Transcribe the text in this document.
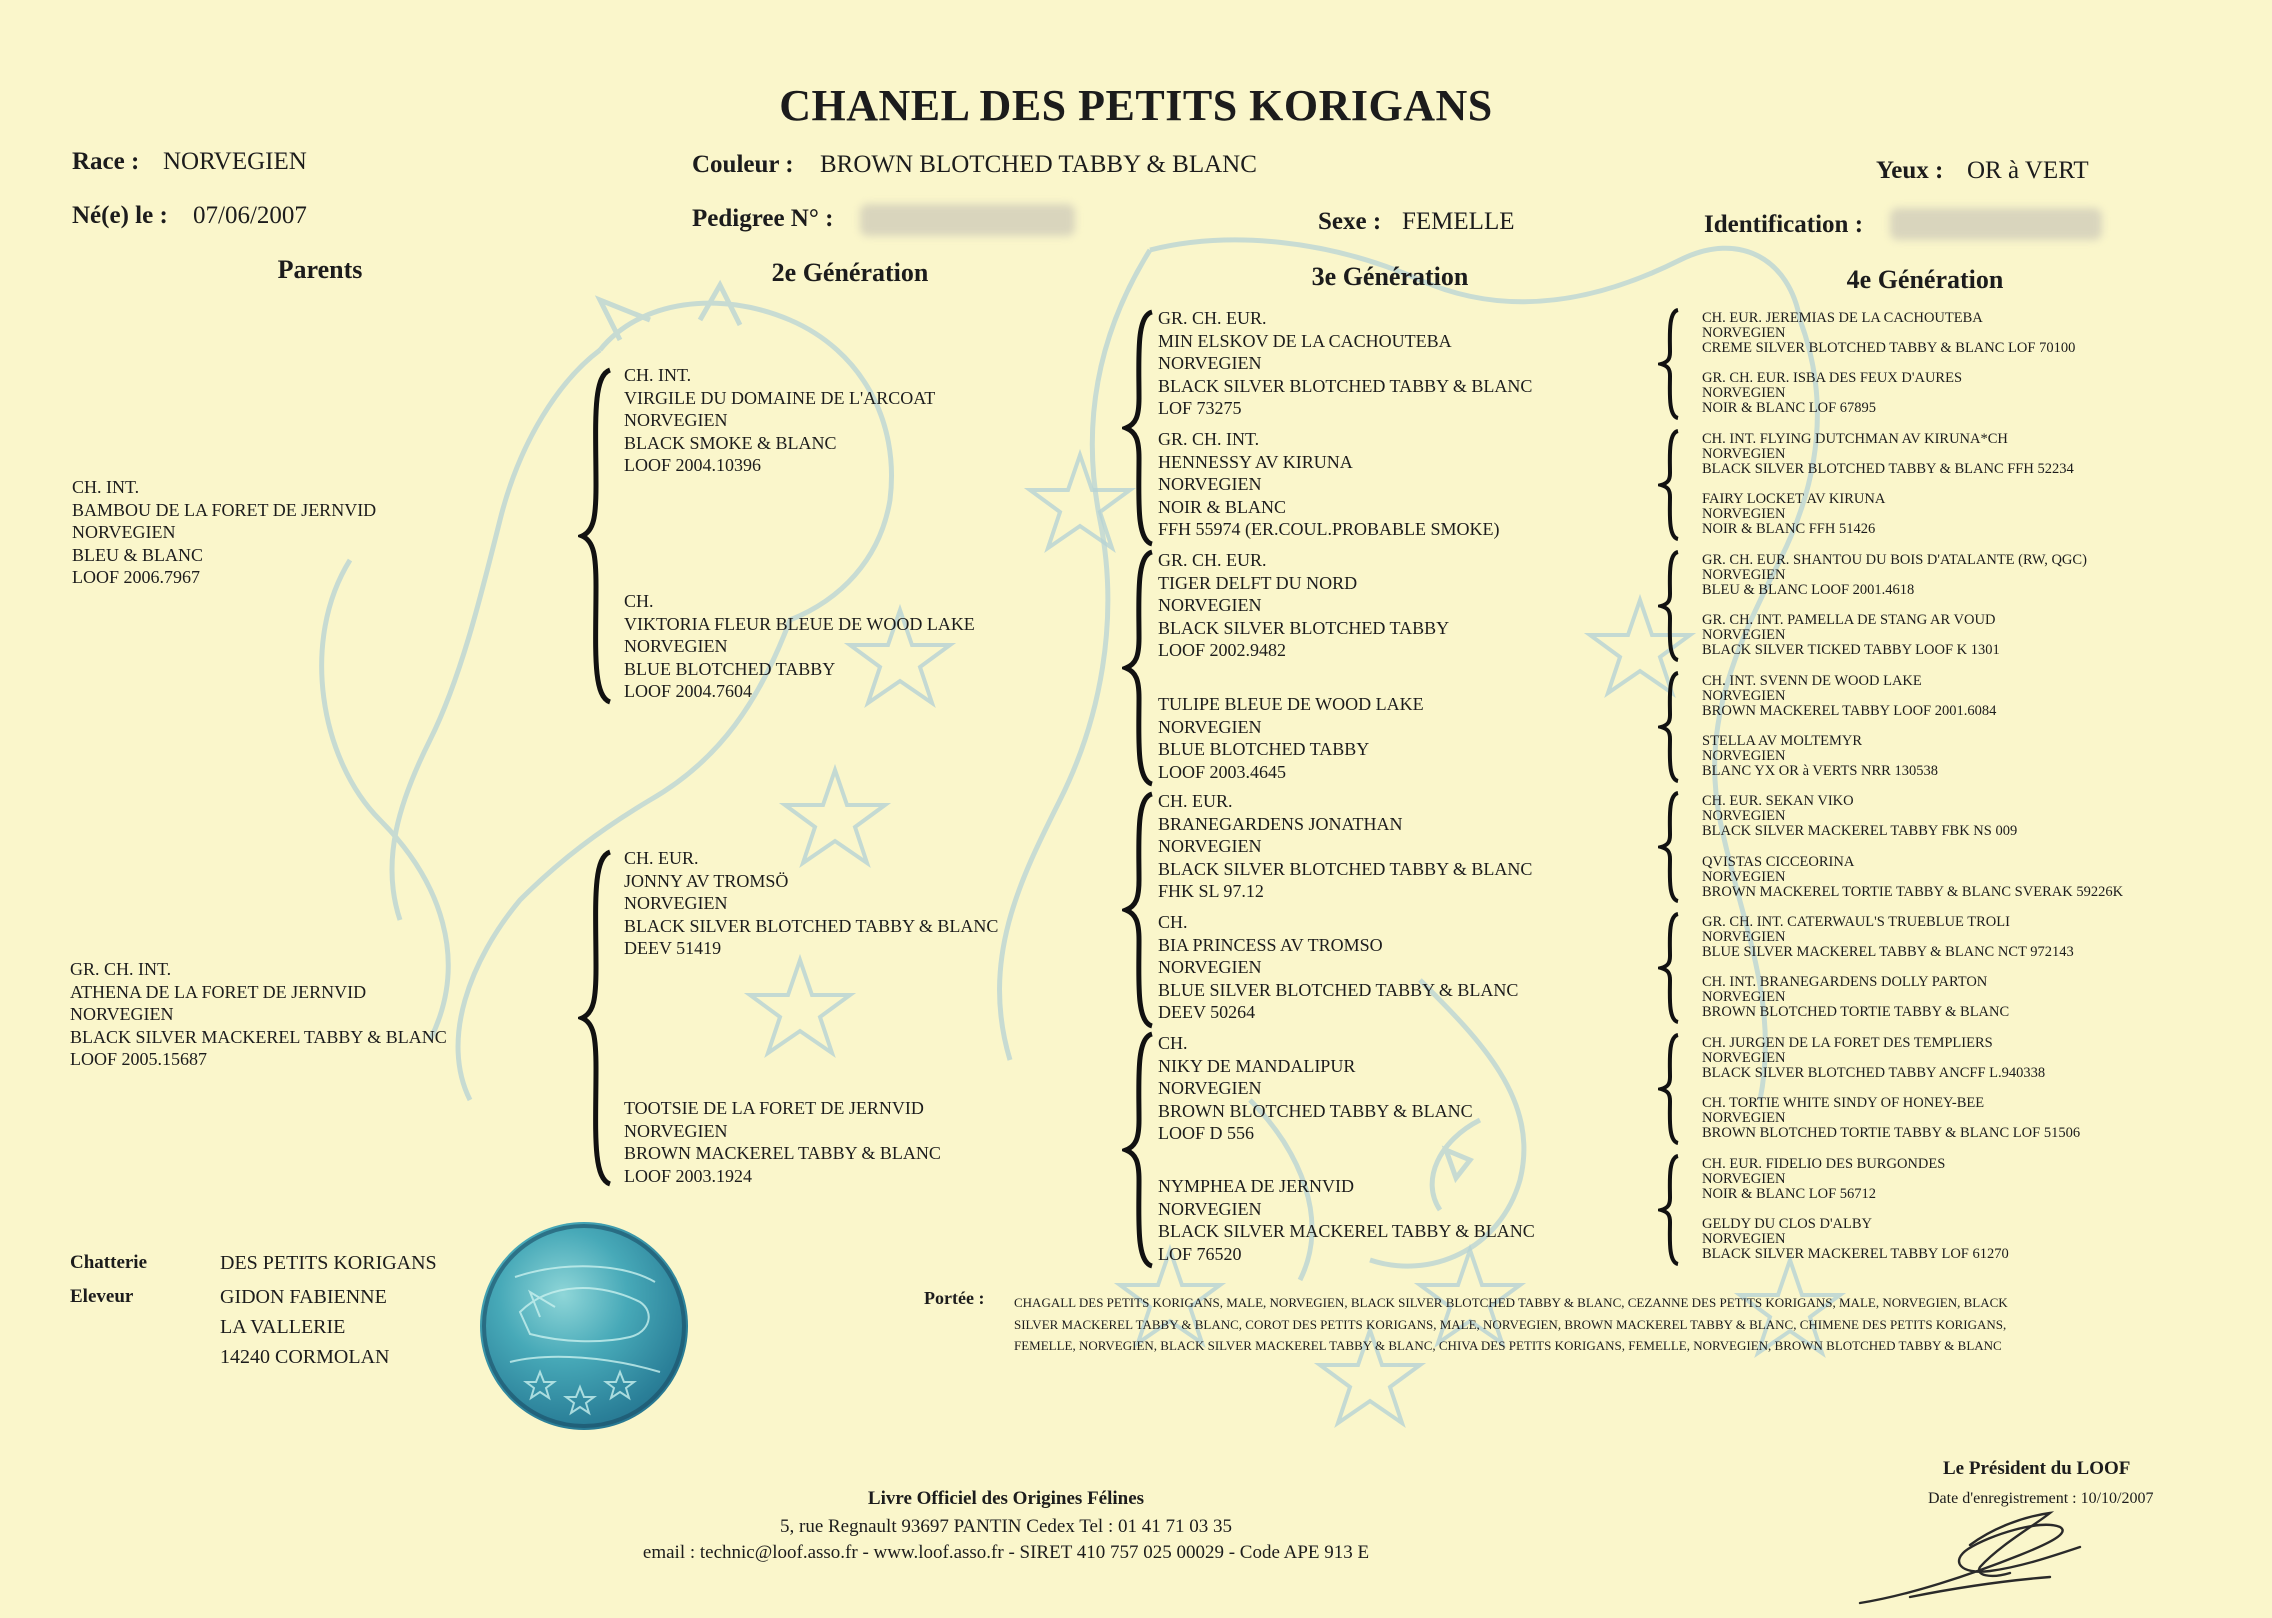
CHANEL DES PETITS KORIGANS
Race : NORVEGIEN	Couleur : BROWN BLOTCHED TABBY & BLANC	Yeux : OR à VERT
Né(e) le : 07/06/2007	Pedigree N° :	Sexe : FEMELLE	Identification :
Parents	2e Génération	3e Génération	4e Génération
CH. INT.
BAMBOU DE LA FORET DE JERNVID
NORVEGIEN
BLEU & BLANC
LOOF 2006.7967
GR. CH. INT.
ATHENA DE LA FORET DE JERNVID
NORVEGIEN
BLACK SILVER MACKEREL TABBY & BLANC
LOOF 2005.15687
CH. INT.
VIRGILE DU DOMAINE DE L'ARCOAT
NORVEGIEN
BLACK SMOKE & BLANC
LOOF 2004.10396
CH.
VIKTORIA FLEUR BLEUE DE WOOD LAKE
NORVEGIEN
BLUE BLOTCHED TABBY
LOOF 2004.7604
CH. EUR.
JONNY AV TROMSÖ
NORVEGIEN
BLACK SILVER BLOTCHED TABBY & BLANC
DEEV 51419
TOOTSIE DE LA FORET DE JERNVID
NORVEGIEN
BROWN MACKEREL TABBY & BLANC
LOOF 2003.1924
GR. CH. EUR.
MIN ELSKOV DE LA CACHOUTEBA
NORVEGIEN
BLACK SILVER BLOTCHED TABBY & BLANC
LOF 73275
GR. CH. INT.
HENNESSY AV KIRUNA
NORVEGIEN
NOIR & BLANC
FFH 55974 (ER.COUL.PROBABLE SMOKE)
GR. CH. EUR.
TIGER DELFT DU NORD
NORVEGIEN
BLACK SILVER BLOTCHED TABBY
LOOF 2002.9482
TULIPE BLEUE DE WOOD LAKE
NORVEGIEN
BLUE BLOTCHED TABBY
LOOF 2003.4645
CH. EUR.
BRANEGARDENS JONATHAN
NORVEGIEN
BLACK SILVER BLOTCHED TABBY & BLANC
FHK SL 97.12
CH.
BIA PRINCESS AV TROMSO
NORVEGIEN
BLUE SILVER BLOTCHED TABBY & BLANC
DEEV 50264
CH.
NIKY DE MANDALIPUR
NORVEGIEN
BROWN BLOTCHED TABBY & BLANC
LOOF D 556
NYMPHEA DE JERNVID
NORVEGIEN
BLACK SILVER MACKEREL TABBY & BLANC
LOF 76520
CH. EUR. JEREMIAS DE LA CACHOUTEBA
NORVEGIEN
CREME SILVER BLOTCHED TABBY & BLANC LOF 70100
GR. CH. EUR. ISBA DES FEUX D'AURES
NORVEGIEN
NOIR & BLANC LOF 67895
CH. INT. FLYING DUTCHMAN AV KIRUNA*CH
NORVEGIEN
BLACK SILVER BLOTCHED TABBY & BLANC FFH 52234
FAIRY LOCKET AV KIRUNA
NORVEGIEN
NOIR & BLANC FFH 51426
GR. CH. EUR. SHANTOU DU BOIS D'ATALANTE (RW, QGC)
NORVEGIEN
BLEU & BLANC LOOF 2001.4618
GR. CH. INT. PAMELLA DE STANG AR VOUD
NORVEGIEN
BLACK SILVER TICKED TABBY LOOF K 1301
CH. INT. SVENN DE WOOD LAKE
NORVEGIEN
BROWN MACKEREL TABBY LOOF 2001.6084
STELLA AV MOLTEMYR
NORVEGIEN
BLANC YX OR à VERTS NRR 130538
CH. EUR. SEKAN VIKO
NORVEGIEN
BLACK SILVER MACKEREL TABBY FBK NS 009
QVISTAS CICCEORINA
NORVEGIEN
BROWN MACKEREL TORTIE TABBY & BLANC SVERAK 59226K
GR. CH. INT. CATERWAUL'S TRUEBLUE TROLI
NORVEGIEN
BLUE SILVER MACKEREL TABBY & BLANC NCT 972143
CH. INT. BRANEGARDENS DOLLY PARTON
NORVEGIEN
BROWN BLOTCHED TORTIE TABBY & BLANC
CH. JURGEN DE LA FORET DES TEMPLIERS
NORVEGIEN
BLACK SILVER BLOTCHED TABBY ANCFF L.940338
CH. TORTIE WHITE SINDY OF HONEY-BEE
NORVEGIEN
BROWN BLOTCHED TORTIE TABBY & BLANC LOF 51506
CH. EUR. FIDELIO DES BURGONDES
NORVEGIEN
NOIR & BLANC LOF 56712
GELDY DU CLOS D'ALBY
NORVEGIEN
BLACK SILVER MACKEREL TABBY LOF 61270
Chatterie	DES PETITS KORIGANS
Eleveur	GIDON FABIENNE
LA VALLERIE
14240 CORMOLAN
Portée : CHAGALL DES PETITS KORIGANS, MALE, NORVEGIEN, BLACK SILVER BLOTCHED TABBY & BLANC, CEZANNE DES PETITS KORIGANS, MALE, NORVEGIEN, BLACK SILVER MACKEREL TABBY & BLANC, COROT DES PETITS KORIGANS, MALE, NORVEGIEN, BROWN MACKEREL TABBY & BLANC, CHIMENE DES PETITS KORIGANS, FEMELLE, NORVEGIEN, BLACK SILVER MACKEREL TABBY & BLANC, CHIVA DES PETITS KORIGANS, FEMELLE, NORVEGIEN, BROWN BLOTCHED TABBY & BLANC
Le Président du LOOF
Date d'enregistrement : 10/10/2007
Livre Officiel des Origines Félines
5, rue Regnault 93697 PANTIN Cedex Tel : 01 41 71 03 35
email : technic@loof.asso.fr - www.loof.asso.fr - SIRET 410 757 025 00029 - Code APE 913 E
